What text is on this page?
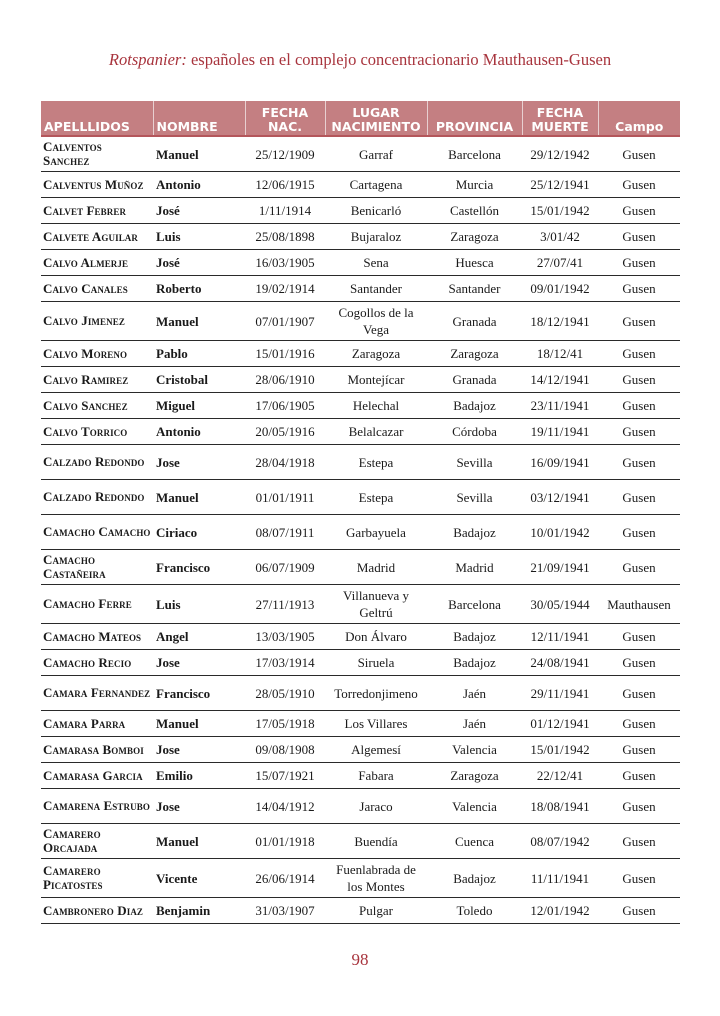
Rotspanier: españoles en el complejo concentracionario Mauthausen-Gusen
APELLLIDOS	NOMBRE	FECHA NAC.	LUGAR NACIMIENTO	PROVINCIA	FECHA MUERTE	Campo
Calventos Sanchez	Manuel	25/12/1909	Garraf	Barcelona	29/12/1942	Gusen
Calventus Muñoz	Antonio	12/06/1915	Cartagena	Murcia	25/12/1941	Gusen
Calvet Febrer	José	1/11/1914	Benicarló	Castellón	15/01/1942	Gusen
Calvete Aguilar	Luis	25/08/1898	Bujaraloz	Zaragoza	3/01/42	Gusen
Calvo Almerje	José	16/03/1905	Sena	Huesca	27/07/41	Gusen
Calvo Canales	Roberto	19/02/1914	Santander	Santander	09/01/1942	Gusen
Calvo Jimenez	Manuel	07/01/1907	Cogollos de la Vega	Granada	18/12/1941	Gusen
Calvo Moreno	Pablo	15/01/1916	Zaragoza	Zaragoza	18/12/41	Gusen
Calvo Ramirez	Cristobal	28/06/1910	Montejícar	Granada	14/12/1941	Gusen
Calvo Sanchez	Miguel	17/06/1905	Helechal	Badajoz	23/11/1941	Gusen
Calvo Torrico	Antonio	20/05/1916	Belalcazar	Córdoba	19/11/1941	Gusen
Calzado Redondo	Jose	28/04/1918	Estepa	Sevilla	16/09/1941	Gusen
Calzado Redondo	Manuel	01/01/1911	Estepa	Sevilla	03/12/1941	Gusen
Camacho Camacho	Ciriaco	08/07/1911	Garbayuela	Badajoz	10/01/1942	Gusen
Camacho Castañeira	Francisco	06/07/1909	Madrid	Madrid	21/09/1941	Gusen
Camacho Ferre	Luis	27/11/1913	Villanueva y Geltrú	Barcelona	30/05/1944	Mauthausen
Camacho Mateos	Angel	13/03/1905	Don Álvaro	Badajoz	12/11/1941	Gusen
Camacho Recio	Jose	17/03/1914	Siruela	Badajoz	24/08/1941	Gusen
Camara Fernandez	Francisco	28/05/1910	Torredonjimeno	Jaén	29/11/1941	Gusen
Camara Parra	Manuel	17/05/1918	Los Villares	Jaén	01/12/1941	Gusen
Camarasa Bomboi	Jose	09/08/1908	Algemesí	Valencia	15/01/1942	Gusen
Camarasa Garcia	Emilio	15/07/1921	Fabara	Zaragoza	22/12/41	Gusen
Camarena Estrubo	Jose	14/04/1912	Jaraco	Valencia	18/08/1941	Gusen
Camarero Orcajada	Manuel	01/01/1918	Buendía	Cuenca	08/07/1942	Gusen
Camarero Picatostes	Vicente	26/06/1914	Fuenlabrada de los Montes	Badajoz	11/11/1941	Gusen
Cambronero Diaz	Benjamin	31/03/1907	Pulgar	Toledo	12/01/1942	Gusen
98
